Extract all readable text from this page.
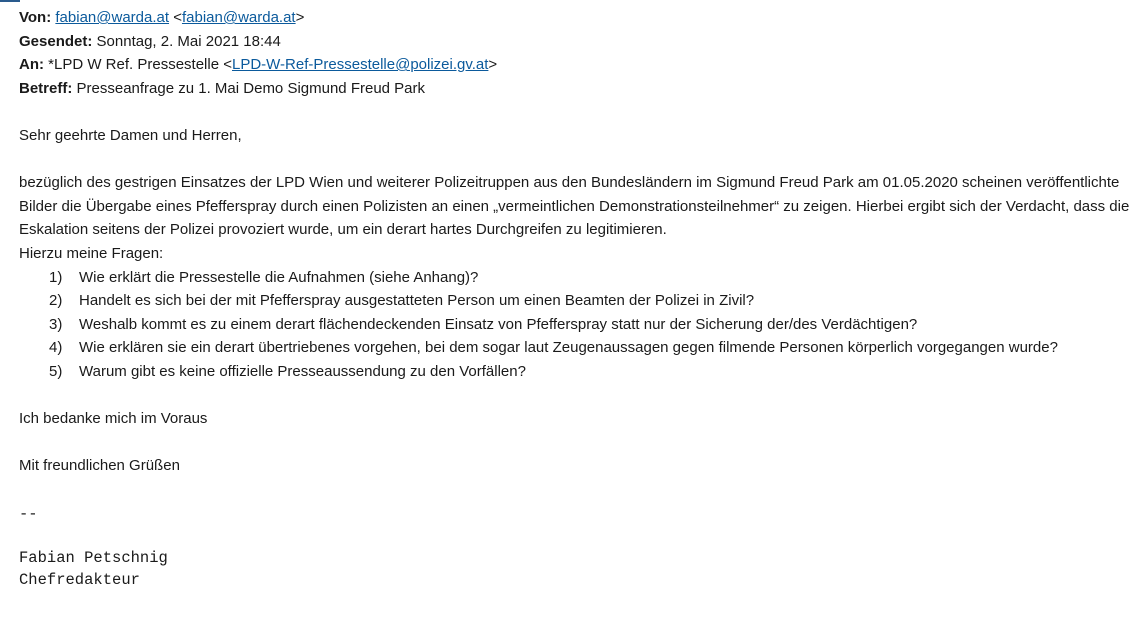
Von: fabian@warda.at <fabian@warda.at>
Gesendet: Sonntag, 2. Mai 2021 18:44
An: *LPD W Ref. Pressestelle <LPD-W-Ref-Pressestelle@polizei.gv.at>
Betreff: Presseanfrage zu 1. Mai Demo Sigmund Freud Park
Sehr geehrte Damen und Herren,
bezüglich des gestrigen Einsatzes der LPD Wien und weiterer Polizeitruppen aus den Bundesländern im Sigmund Freud Park am 01.05.2020 scheinen veröffentlichte Bilder die Übergabe eines Pfefferspray durch einen Polizisten an einen „vermeintlichen Demonstrationsteilnehmer“ zu zeigen. Hierbei ergibt sich der Verdacht, dass die Eskalation seitens der Polizei provoziert wurde, um ein derart hartes Durchgreifen zu legitimieren.
Hierzu meine Fragen:
1) Wie erklärt die Pressestelle die Aufnahmen (siehe Anhang)?
2) Handelt es sich bei der mit Pfefferspray ausgestatteten Person um einen Beamten der Polizei in Zivil?
3) Weshalb kommt es zu einem derart flächendeckenden Einsatz von Pfefferspray statt nur der Sicherung der/des Verdächtigen?
4) Wie erklären sie ein derart übertriebenes vorgehen, bei dem sogar laut Zeugenaussagen gegen filmende Personen körperlich vorgegangen wurde?
5) Warum gibt es keine offizielle Presseaussendung zu den Vorfällen?
Ich bedanke mich im Voraus
Mit freundlichen Grüßen
--
Fabian Petschnig
Chefredakteur
